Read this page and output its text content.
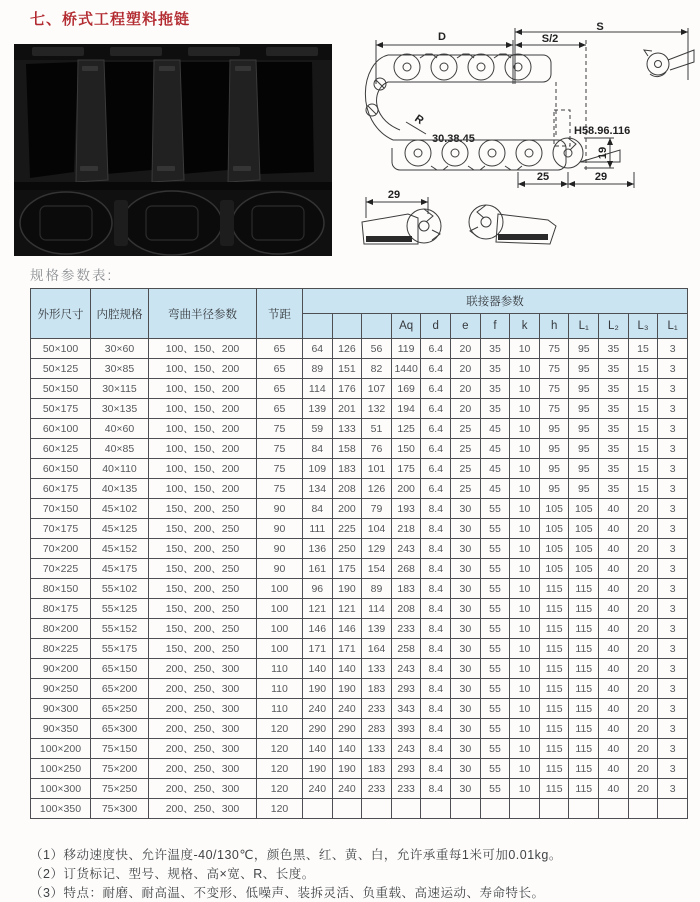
七、桥式工程塑料拖链
D
S
S/2
R
30.38.45
H58.96.116
19
25	29
29
规格参数表:
外形尺寸	内腔规格	弯曲半径参数	节距	联接器参数												
							Aq	d	e	f	k	h	L₁	L₂	L₃	L₁
50×100	30×60	100、150、200	65	64	126	56	119	6.4	20	35	10	75	95	35	15	3
50×125	30×85	100、150、200	65	89	151	82	1440	6.4	20	35	10	75	95	35	15	3
50×150	30×115	100、150、200	65	114	176	107	169	6.4	20	35	10	75	95	35	15	3
50×175	30×135	100、150、200	65	139	201	132	194	6.4	20	35	10	75	95	35	15	3
60×100	40×60	100、150、200	75	59	133	51	125	6.4	25	45	10	95	95	35	15	3
60×125	40×85	100、150、200	75	84	158	76	150	6.4	25	45	10	95	95	35	15	3
60×150	40×110	100、150、200	75	109	183	101	175	6.4	25	45	10	95	95	35	15	3
60×175	40×135	100、150、200	75	134	208	126	200	6.4	25	45	10	95	95	35	15	3
70×150	45×102	150、200、250	90	84	200	79	193	8.4	30	55	10	105	105	40	20	3
70×175	45×125	150、200、250	90	111	225	104	218	8.4	30	55	10	105	105	40	20	3
70×200	45×152	150、200、250	90	136	250	129	243	8.4	30	55	10	105	105	40	20	3
70×225	45×175	150、200、250	90	161	175	154	268	8.4	30	55	10	105	105	40	20	3
80×150	55×102	150、200、250	100	96	190	89	183	8.4	30	55	10	115	115	40	20	3
80×175	55×125	150、200、250	100	121	121	114	208	8.4	30	55	10	115	115	40	20	3
80×200	55×152	150、200、250	100	146	146	139	233	8.4	30	55	10	115	115	40	20	3
80×225	55×175	150、200、250	100	171	171	164	258	8.4	30	55	10	115	115	40	20	3
90×200	65×150	200、250、300	110	140	140	133	243	8.4	30	55	10	115	115	40	20	3
90×250	65×200	200、250、300	110	190	190	183	293	8.4	30	55	10	115	115	40	20	3
90×300	65×250	200、250、300	110	240	240	233	343	8.4	30	55	10	115	115	40	20	3
90×350	65×300	200、250、300	120	290	290	283	393	8.4	30	55	10	115	115	40	20	3
100×200	75×150	200、250、300	120	140	140	133	243	8.4	30	55	10	115	115	40	20	3
100×250	75×200	200、250、300	120	190	190	183	293	8.4	30	55	10	115	115	40	20	3
100×300	75×250	200、250、300	120	240	240	233	233	8.4	30	55	10	115	115	40	20	3
100×350	75×300	200、250、300	120													
（1）移动速度快、允许温度-40/130℃，颜色黑、红、黄、白，允许承重每1米可加0.01kg。
（2）订货标记、型号、规格、高×宽、R、长度。
（3）特点：耐磨、耐高温、不变形、低噪声、装拆灵活、负重载、高速运动、寿命特长。
